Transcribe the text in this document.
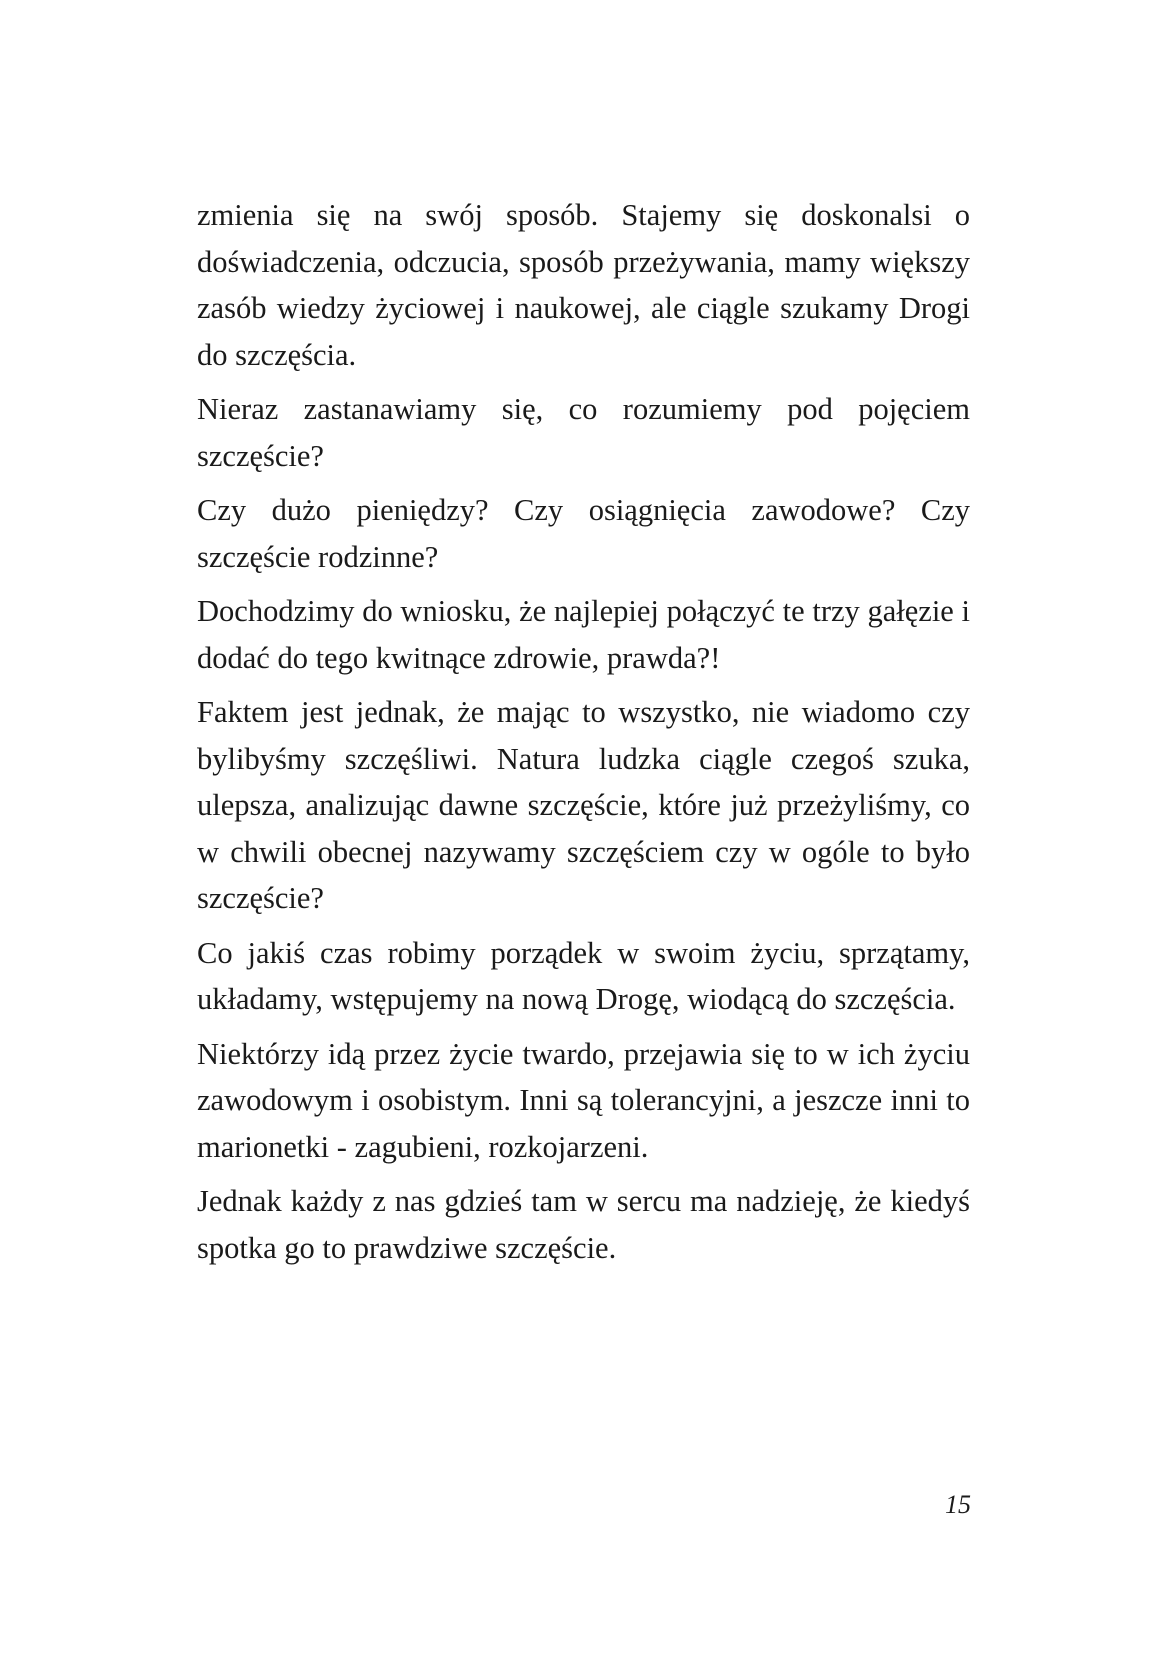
zmienia się na swój sposób. Stajemy się doskonalsi o doświadczenia, odczucia, sposób przeżywania, mamy większy zasób wiedzy życiowej i naukowej, ale ciągle szukamy Drogi do szczęścia.

Nieraz zastanawiamy się, co rozumiemy pod pojęciem szczęście?

Czy dużo pieniędzy? Czy osiągnięcia zawodowe? Czy szczęście rodzinne?

Dochodzimy do wniosku, że najlepiej połączyć te trzy gałęzie i dodać do tego kwitnące zdrowie, prawda?!

Faktem jest jednak, że mając to wszystko, nie wiadomo czy bylibyśmy szczęśliwi. Natura ludzka ciągle czegoś szuka, ulepsza, analizując dawne szczęście, które już przeżyliśmy, co w chwili obecnej nazywamy szczęściem czy w ogóle to było szczęście?

Co jakiś czas robimy porządek w swoim życiu, sprzątamy, układamy, wstępujemy na nową Drogę, wiodącą do szczęścia.

Niektórzy idą przez życie twardo, przejawia się to w ich życiu zawodowym i osobistym. Inni są tolerancyjni, a jeszcze inni to marionetki - zagubieni, rozkojarzeni.

Jednak każdy z nas gdzieś tam w sercu ma nadzieję, że kiedyś spotka go to prawdziwe szczęście.

15
